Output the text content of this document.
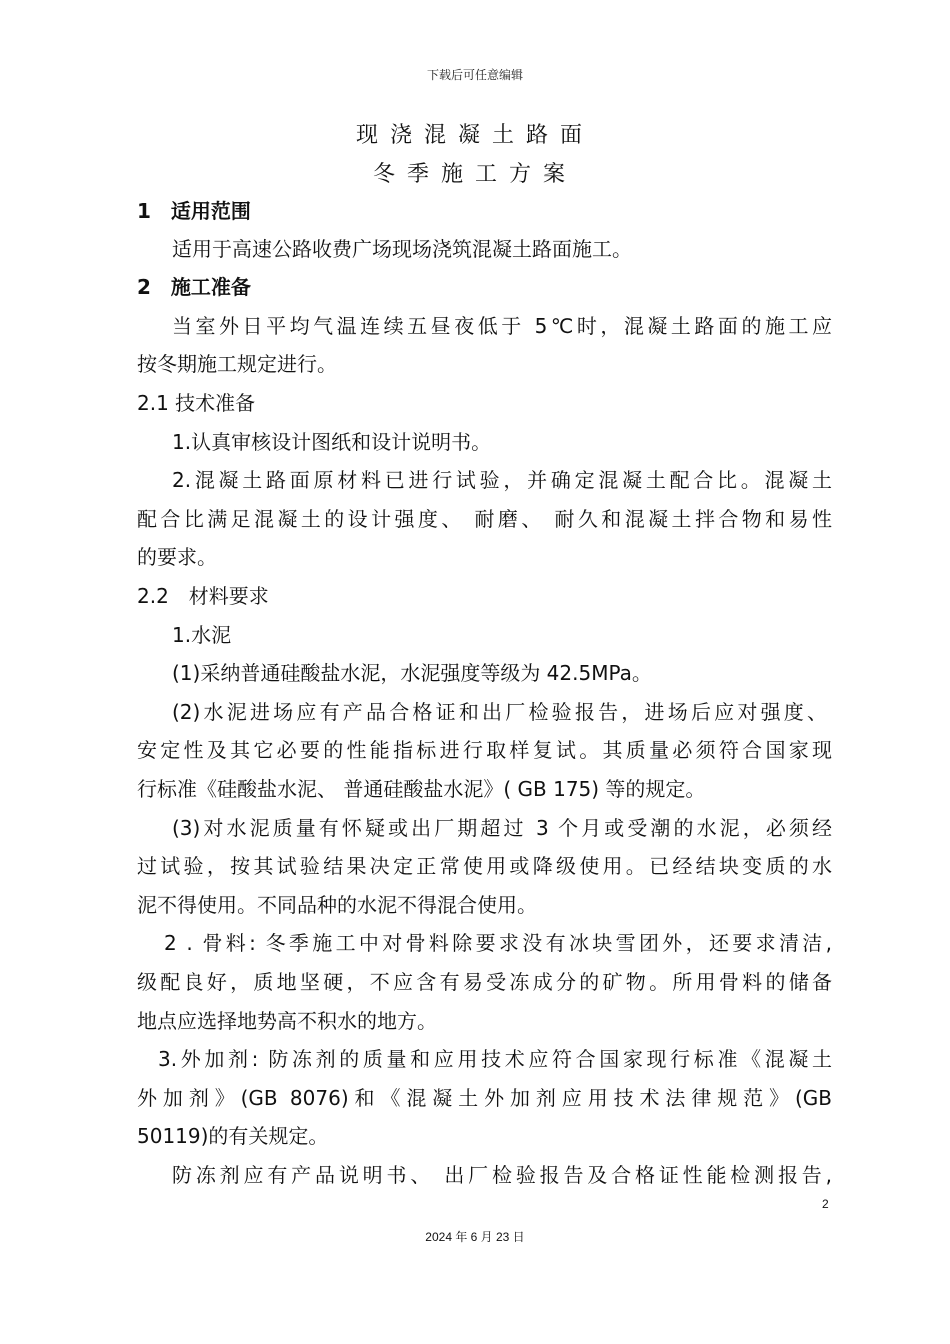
下载后可任意编辑
现浇混凝土路面
冬季施工方案
1　适用范围
适用于高速公路收费广场现场浇筑混凝土路面施工。
2　施工准备
当室外日平均气温连续五昼夜低于 5℃时，混凝土路面的施工应
按冬期施工规定进行。
2.1 技术准备
1.认真审核设计图纸和设计说明书。
2.混凝土路面原材料已进行试验，并确定混凝土配合比。混凝土
配合比满足混凝土的设计强度、 耐磨、 耐久和混凝土拌合物和易性
的要求。
2.2　材料要求
1.水泥
(1)采纳普通硅酸盐水泥，水泥强度等级为 42.5MPa。
(2)水泥进场应有产品合格证和出厂检验报告，进场后应对强度、
安定性及其它必要的性能指标进行取样复试。其质量必须符合国家现
行标准《硅酸盐水泥、 普通硅酸盐水泥》( GB 175) 等的规定。
(3)对水泥质量有怀疑或出厂期超过 3 个月或受潮的水泥，必须经
过试验，按其试验结果决定正常使用或降级使用。已经结块变质的水
泥不得使用。不同品种的水泥不得混合使用。
2 . 骨料: 冬季施工中对骨料除要求没有冰块雪团外，还要求清洁,
级配良好，质地坚硬，不应含有易受冻成分的矿物。所用骨料的储备
地点应选择地势高不积水的地方。
3.外加剂: 防冻剂的质量和应用技术应符合国家现行标准《混凝土
外加剂》(GB 8076)和《混凝土外加剂应用技术法律规范》(GB
50119)的有关规定。
防冻剂应有产品说明书、 出厂检验报告及合格证性能检测报告,
2
2024 年 6 月 23 日
